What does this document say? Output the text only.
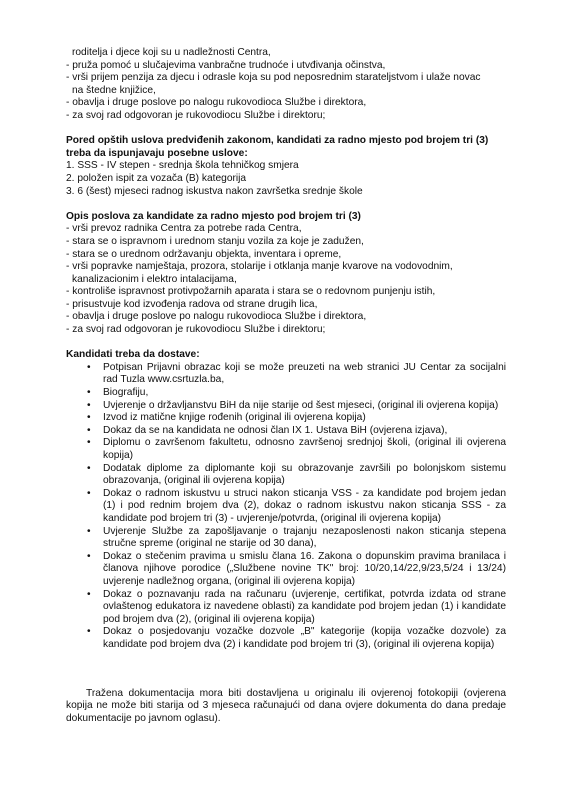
roditelja i djece koji su u nadležnosti Centra,
- pruža pomoć u slučajevima vanbračne trudnoće i utvđivanja očinstva,
- vrši prijem penzija za djecu i odrasle koja su pod neposrednim starateljstvom i ulaže novac
na štedne knjižice,
- obavlja i druge poslove po nalogu rukovodioca Službe i direktora,
- za svoj rad odgovoran je rukovodiocu Službe i direktoru;
Pored opštih uslova predviđenih zakonom, kandidati za radno mjesto pod brojem tri (3)
treba da ispunjavaju posebne uslove:
1. SSS - IV stepen - srednja škola tehničkog smjera
2. položen ispit za vozača (B) kategorija
3. 6 (šest) mjeseci radnog iskustva nakon završetka srednje škole
Opis poslova za kandidate za radno mjesto pod brojem tri (3)
- vrši prevoz radnika Centra za potrebe rada Centra,
- stara se o ispravnom i urednom stanju vozila za koje je zadužen,
- stara se o urednom održavanju objekta, inventara i opreme,
- vrši popravke namještaja, prozora, stolarije i otklanja manje kvarove na vodovodnim,
kanalizacionim i elektro intalacijama,
- kontroliše ispravnost protivpožarnih aparata i stara se o redovnom punjenju istih,
- prisustvuje kod izvođenja radova od strane drugih lica,
- obavlja i druge poslove po nalogu rukovodioca Službe i direktora,
- za svoj rad odgovoran je rukovodiocu Službe i direktoru;
Kandidati treba da dostave:
• Potpisan Prijavni obrazac koji se može preuzeti na web stranici JU Centar za socijalni rad Tuzla www.csrtuzla.ba,
• Biografiju,
• Uvjerenje o državljanstvu BiH da nije starije od šest mjeseci, (original ili ovjerena kopija)
• Izvod iz matične knjige rođenih (original ili ovjerena kopija)
• Dokaz da se na kandidata ne odnosi član IX 1. Ustava BiH (ovjerena izjava),
• Diplomu o završenom fakultetu, odnosno završenoj srednjoj školi, (original ili ovjerena kopija)
• Dodatak diplome za diplomante koji su obrazovanje završili po bolonjskom sistemu obrazovanja, (original ili ovjerena kopija)
• Dokaz o radnom iskustvu u struci nakon sticanja VSS - za kandidate pod brojem jedan (1) i pod rednim brojem dva (2), dokaz o radnom iskustvu nakon sticanja SSS - za kandidate pod brojem tri (3) - uvjerenje/potvrda, (original ili ovjerena kopija)
• Uvjerenje Službe za zapošljavanje o trajanju nezaposlenosti nakon sticanja stepena stručne spreme (original ne starije od 30 dana),
• Dokaz o stečenim pravima u smislu člana 16. Zakona o dopunskim pravima branilaca i članova njihove porodice („Službene novine TK" broj: 10/20,14/22,9/23,5/24 i 13/24) uvjerenje nadležnog organa, (original ili ovjerena kopija)
• Dokaz o poznavanju rada na računaru (uvjerenje, certifikat, potvrda izdata od strane ovlaštenog edukatora iz navedene oblasti) za kandidate pod brojem jedan (1) i kandidate pod brojem dva (2), (original ili ovjerena kopija)
• Dokaz o posjedovanju vozačke dozvole „B" kategorije (kopija vozačke dozvole) za kandidate pod brojem dva (2) i kandidate pod brojem tri (3), (original ili ovjerena kopija)
Tražena dokumentacija mora biti dostavljena u originalu ili ovjerenoj fotokopiji (ovjerena kopija ne može biti starija od 3 mjeseca računajući od dana ovjere dokumenta do dana predaje dokumentacije po javnom oglasu).
